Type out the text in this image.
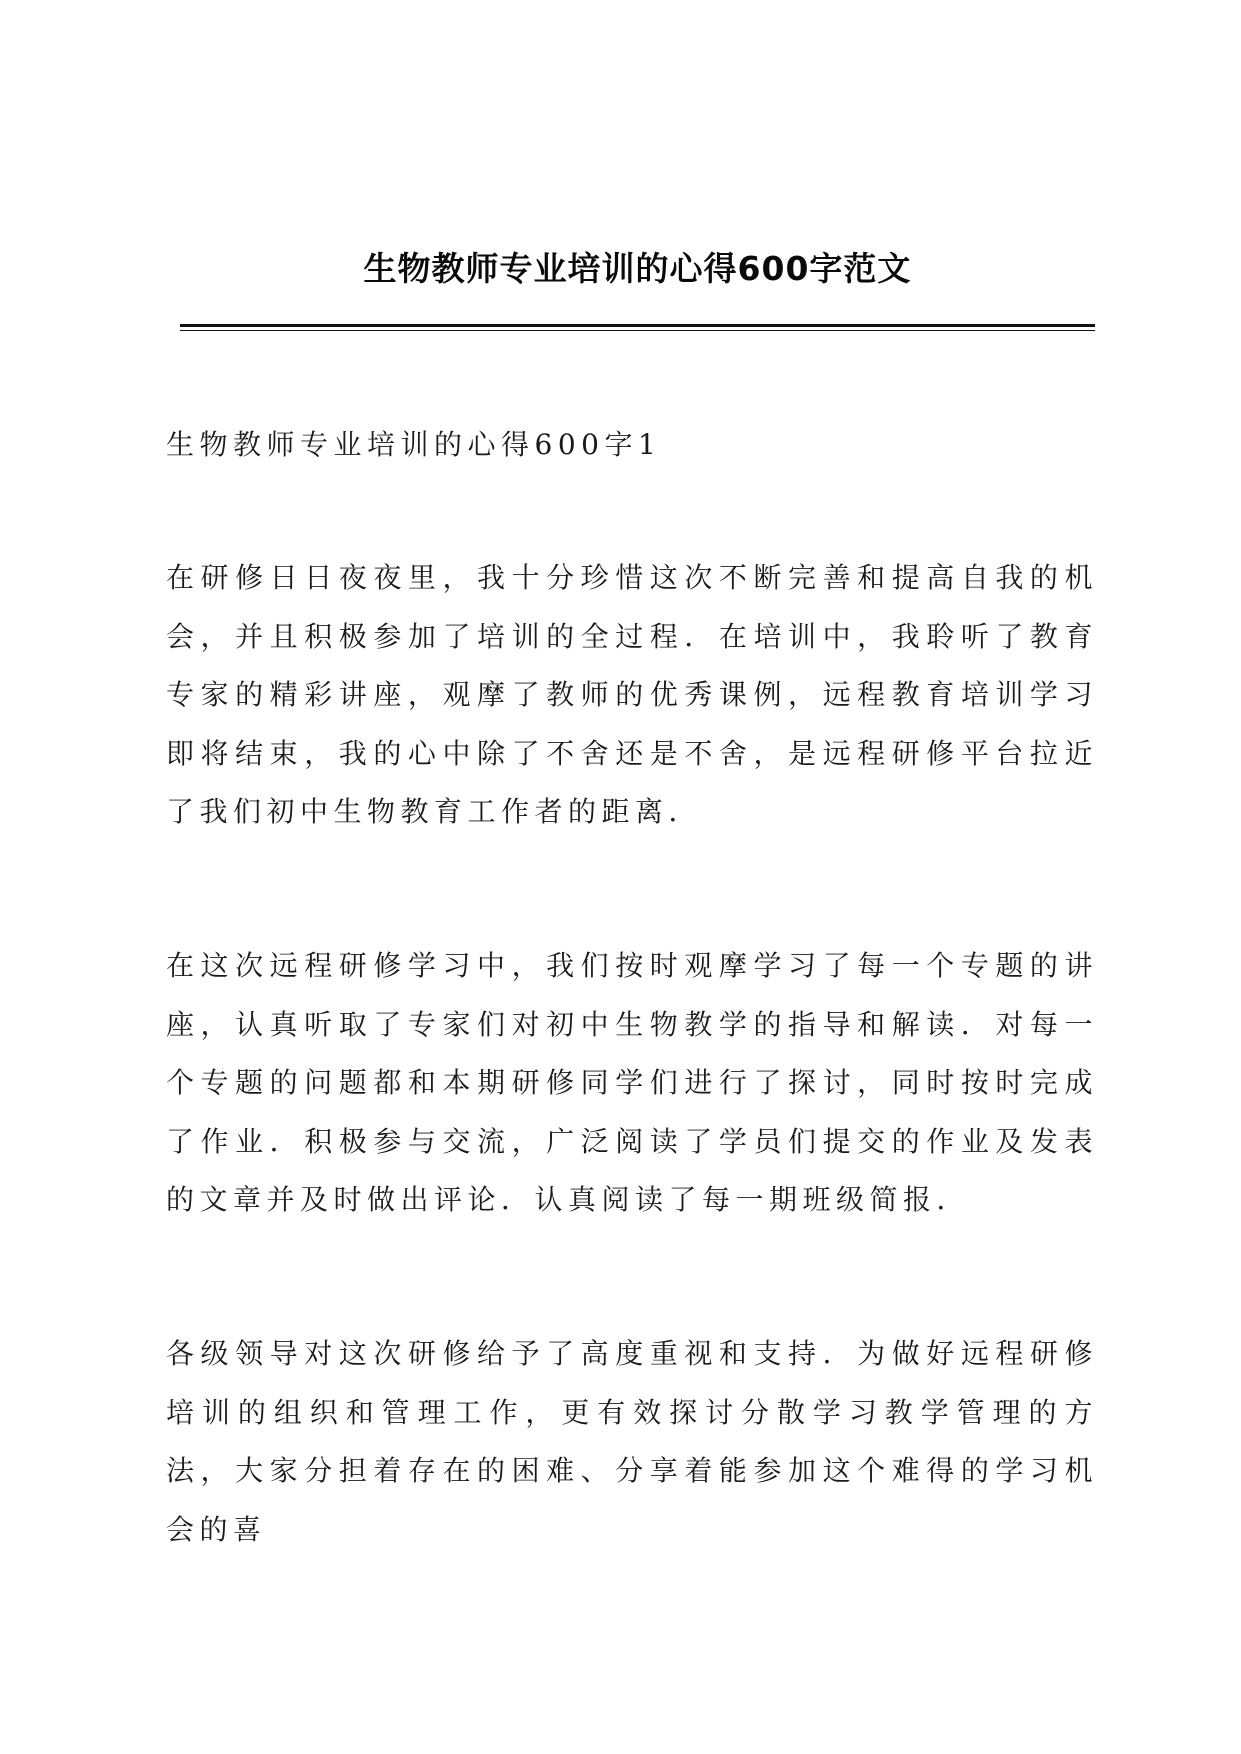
生物教师专业培训的心得600字范文
生物教师专业培训的心得600字1
在研修日日夜夜里，我十分珍惜这次不断完善和提高自我的机会，并且积极参加了培训的全过程．在培训中，我聆听了教育专家的精彩讲座，观摩了教师的优秀课例，远程教育培训学习即将结束，我的心中除了不舍还是不舍，是远程研修平台拉近了我们初中生物教育工作者的距离．
在这次远程研修学习中，我们按时观摩学习了每一个专题的讲座，认真听取了专家们对初中生物教学的指导和解读．对每一个专题的问题都和本期研修同学们进行了探讨，同时按时完成了作业．积极参与交流，广泛阅读了学员们提交的作业及发表的文章并及时做出评论．认真阅读了每一期班级简报．
各级领导对这次研修给予了高度重视和支持．为做好远程研修培训的组织和管理工作，更有效探讨分散学习教学管理的方法，大家分担着存在的困难、分享着能参加这个难得的学习机会的喜
